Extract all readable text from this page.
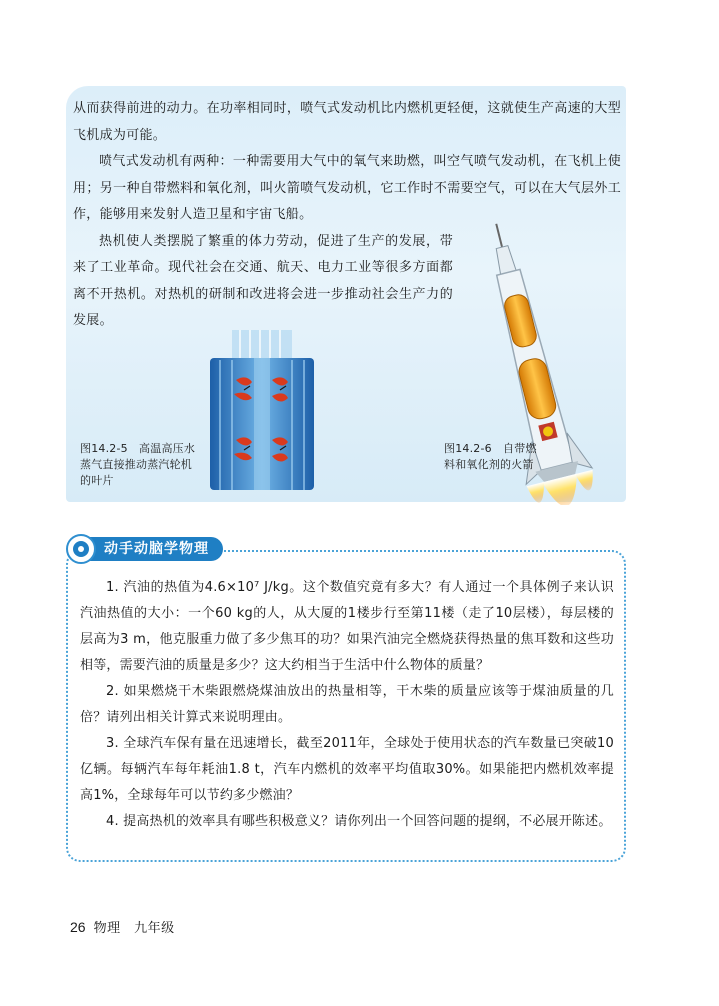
从而获得前进的动力。在功率相同时，喷气式发动机比内燃机更轻便，这就使生产高速的大型飞机成为可能。

喷气式发动机有两种：一种需要用大气中的氧气来助燃，叫空气喷气发动机，在飞机上使用；另一种自带燃料和氧化剂，叫火箭喷气发动机，它工作时不需要空气，可以在大气层外工作，能够用来发射人造卫星和宇宙飞船。

热机使人类摆脱了繁重的体力劳动，促进了生产的发展，带来了工业革命。现代社会在交通、航天、电力工业等很多方面都离不开热机。对热机的研制和改进将会进一步推动社会生产力的发展。

图14.2-5　高温高压水蒸气直接推动蒸汽轮机的叶片
图14.2-6　自带燃料和氧化剂的火箭
动手动脑学物理

1. 汽油的热值为4.6×10⁷ J/kg。这个数值究竟有多大？有人通过一个具体例子来认识汽油热值的大小：一个60 kg的人，从大厦的1楼步行至第11楼（走了10层楼），每层楼的层高为3 m，他克服重力做了多少焦耳的功？如果汽油完全燃烧获得热量的焦耳数和这些功相等，需要汽油的质量是多少？这大约相当于生活中什么物体的质量？

2. 如果燃烧干木柴跟燃烧煤油放出的热量相等，干木柴的质量应该等于煤油质量的几倍？请列出相关计算式来说明理由。

3. 全球汽车保有量在迅速增长，截至2011年，全球处于使用状态的汽车数量已突破10亿辆。每辆汽车每年耗油1.8 t，汽车内燃机的效率平均值取30%。如果能把内燃机效率提高1%，全球每年可以节约多少燃油？

4. 提高热机的效率具有哪些积极意义？请你列出一个回答问题的提纲，不必展开陈述。

26 物理　九年级
